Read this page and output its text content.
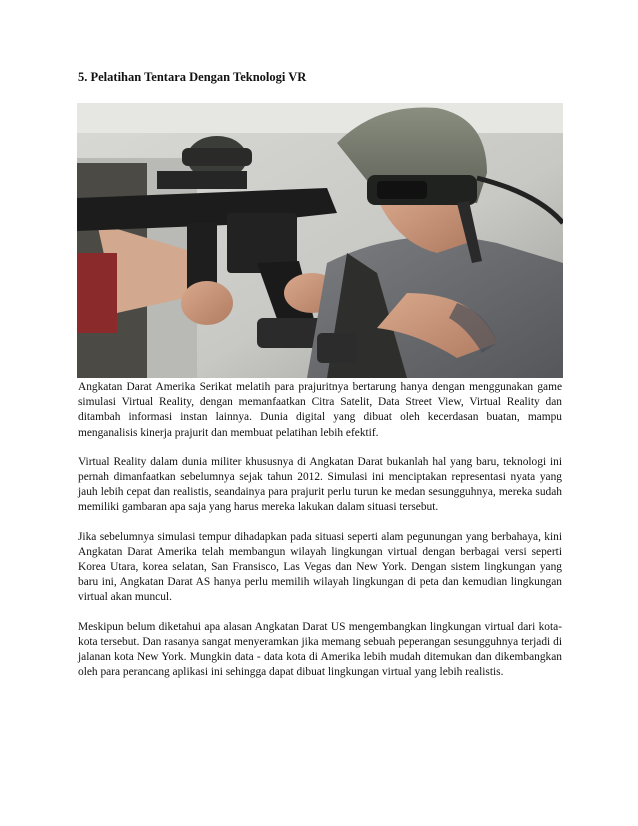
5. Pelatihan Tentara Dengan Teknologi VR

Angkatan Darat Amerika Serikat melatih para prajuritnya bertarung hanya dengan menggunakan game simulasi Virtual Reality, dengan memanfaatkan Citra Satelit, Data Street View, Virtual Reality dan ditambah informasi instan lainnya. Dunia digital yang dibuat oleh kecerdasan buatan, mampu menganalisis kinerja prajurit dan membuat pelatihan lebih efektif.

Virtual Reality dalam dunia militer khususnya di Angkatan Darat bukanlah hal yang baru, teknologi ini pernah dimanfaatkan sebelumnya sejak tahun 2012. Simulasi ini menciptakan representasi nyata yang jauh lebih cepat dan realistis, seandainya para prajurit perlu turun ke medan sesungguhnya, mereka sudah memiliki gambaran apa saja yang harus mereka lakukan dalam situasi tersebut.

Jika sebelumnya simulasi tempur dihadapkan pada situasi seperti alam pegunungan yang berbahaya, kini Angkatan Darat Amerika telah membangun wilayah lingkungan virtual dengan berbagai versi seperti Korea Utara, korea selatan, San Fransisco, Las Vegas dan New York. Dengan sistem lingkungan yang baru ini, Angkatan Darat AS hanya perlu memilih wilayah lingkungan di peta dan kemudian lingkungan virtual akan muncul.

Meskipun belum diketahui apa alasan Angkatan Darat US mengembangkan lingkungan virtual dari kota- kota tersebut. Dan rasanya sangat menyeramkan jika memang sebuah peperangan sesungguhnya terjadi di jalanan kota New York. Mungkin data - data kota di Amerika lebih mudah ditemukan dan dikembangkan oleh para perancang aplikasi ini sehingga dapat dibuat lingkungan virtual yang lebih realistis.
